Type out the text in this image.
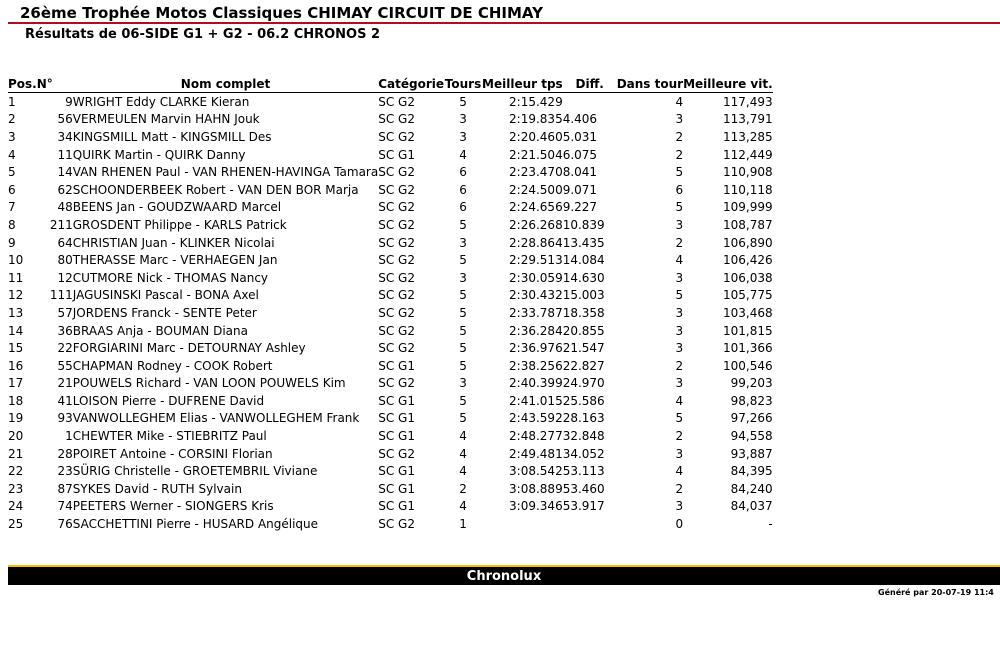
26ème Trophée Motos Classiques CHIMAY CIRCUIT DE CHIMAY
Résultats de 06-SIDE G1 + G2 - 06.2 CHRONOS 2
Pos.	N°	Nom complet	Catégorie	Tours	Meilleur tps	Diff.	Dans tour	Meilleure vit.
1	9	WRIGHT Eddy CLARKE Kieran	SC G2	5	2:15.429		4	117,493
2	56	VERMEULEN Marvin HAHN Jouk	SC G2	3	2:19.835	4.406	3	113,791
3	34	KINGSMILL Matt - KINGSMILL Des	SC G2	3	2:20.460	5.031	2	113,285
4	11	QUIRK Martin - QUIRK Danny	SC G1	4	2:21.504	6.075	2	112,449
5	14	VAN RHENEN Paul - VAN RHENEN-HAVINGA Tamara	SC G2	6	2:23.470	8.041	5	110,908
6	62	SCHOONDERBEEK Robert - VAN DEN BOR Marja	SC G2	6	2:24.500	9.071	6	110,118
7	48	BEENS Jan - GOUDZWAARD Marcel	SC G2	6	2:24.656	9.227	5	109,999
8	211	GROSDENT Philippe - KARLS Patrick	SC G2	5	2:26.268	10.839	3	108,787
9	64	CHRISTIAN Juan - KLINKER Nicolai	SC G2	3	2:28.864	13.435	2	106,890
10	80	THERASSE Marc - VERHAEGEN Jan	SC G2	5	2:29.513	14.084	4	106,426
11	12	CUTMORE Nick - THOMAS Nancy	SC G2	3	2:30.059	14.630	3	106,038
12	111	JAGUSINSKI Pascal - BONA Axel	SC G2	5	2:30.432	15.003	5	105,775
13	57	JORDENS Franck - SENTE Peter	SC G2	5	2:33.787	18.358	3	103,468
14	36	BRAAS Anja - BOUMAN Diana	SC G2	5	2:36.284	20.855	3	101,815
15	22	FORGIARINI Marc - DETOURNAY Ashley	SC G2	5	2:36.976	21.547	3	101,366
16	55	CHAPMAN Rodney - COOK Robert	SC G1	5	2:38.256	22.827	2	100,546
17	21	POUWELS Richard - VAN LOON POUWELS Kim	SC G2	3	2:40.399	24.970	3	99,203
18	41	LOISON Pierre - DUFRENE David	SC G1	5	2:41.015	25.586	4	98,823
19	93	VANWOLLEGHEM Elias - VANWOLLEGHEM Frank	SC G1	5	2:43.592	28.163	5	97,266
20	1	CHEWTER Mike - STIEBRITZ Paul	SC G1	4	2:48.277	32.848	2	94,558
21	28	POIRET Antoine - CORSINI Florian	SC G2	4	2:49.481	34.052	3	93,887
22	23	SÜRIG Christelle - GROETEMBRIL Viviane	SC G1	4	3:08.542	53.113	4	84,395
23	87	SYKES David - RUTH Sylvain	SC G1	2	3:08.889	53.460	2	84,240
24	74	PEETERS Werner - SIONGERS Kris	SC G1	4	3:09.346	53.917	3	84,037
25	76	SACCHETTINI Pierre - HUSARD Angélique	SC G2	1			0	-
Chronolux
Généré par 20-07-19 11:4
